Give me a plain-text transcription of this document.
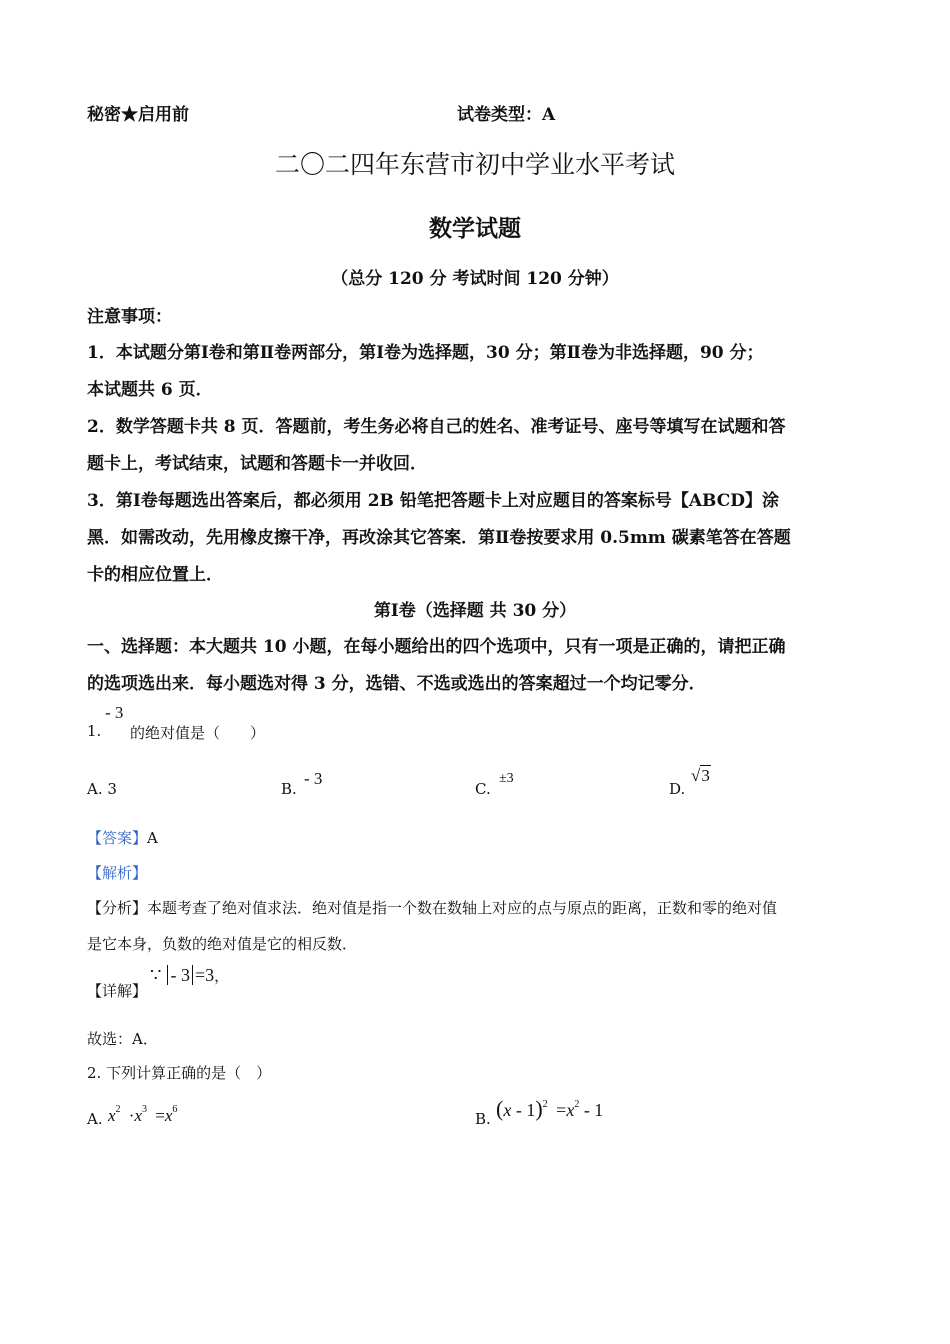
秘密★启用前	试卷类型：A
二〇二四年东营市初中学业水平考试
数学试题
（总分 120 分 考试时间 120 分钟）
注意事项：
1．本试题分第Ⅰ卷和第Ⅱ卷两部分，第Ⅰ卷为选择题，30 分；第Ⅱ卷为非选择题，90 分；
本试题共 6 页．
2．数学答题卡共 8 页．答题前，考生务必将自己的姓名、准考证号、座号等填写在试题和答
题卡上，考试结束，试题和答题卡一并收回．
3．第Ⅰ卷每题选出答案后，都必须用 2B 铅笔把答题卡上对应题目的答案标号【ABCD】涂
黑．如需改动，先用橡皮擦干净，再改涂其它答案．第Ⅱ卷按要求用 0.5mm 碳素笔答在答题
卡的相应位置上．
第Ⅰ卷（选择题 共 30 分）
一、选择题：本大题共 10 小题，在每小题给出的四个选项中，只有一项是正确的，请把正确
的选项选出来．每小题选对得 3 分，选错、不选或选出的答案超过一个均记零分．
1.
- 3
的绝对值是（　　）
A. 3	B.
- 3
C.
±3
D.
√3
【答案】A
【解析】
【分析】本题考查了绝对值求法．绝对值是指一个数在数轴上对应的点与原点的距离，正数和零的绝对值
是它本身，负数的绝对值是它的相反数．
【详解】
∵ - 3 =3，
故选：A．
2. 下列计算正确的是（　）
A. $x^2 \cdot x^3 =x^6$
B. $(x - 1)^2 =x^2 - 1$
